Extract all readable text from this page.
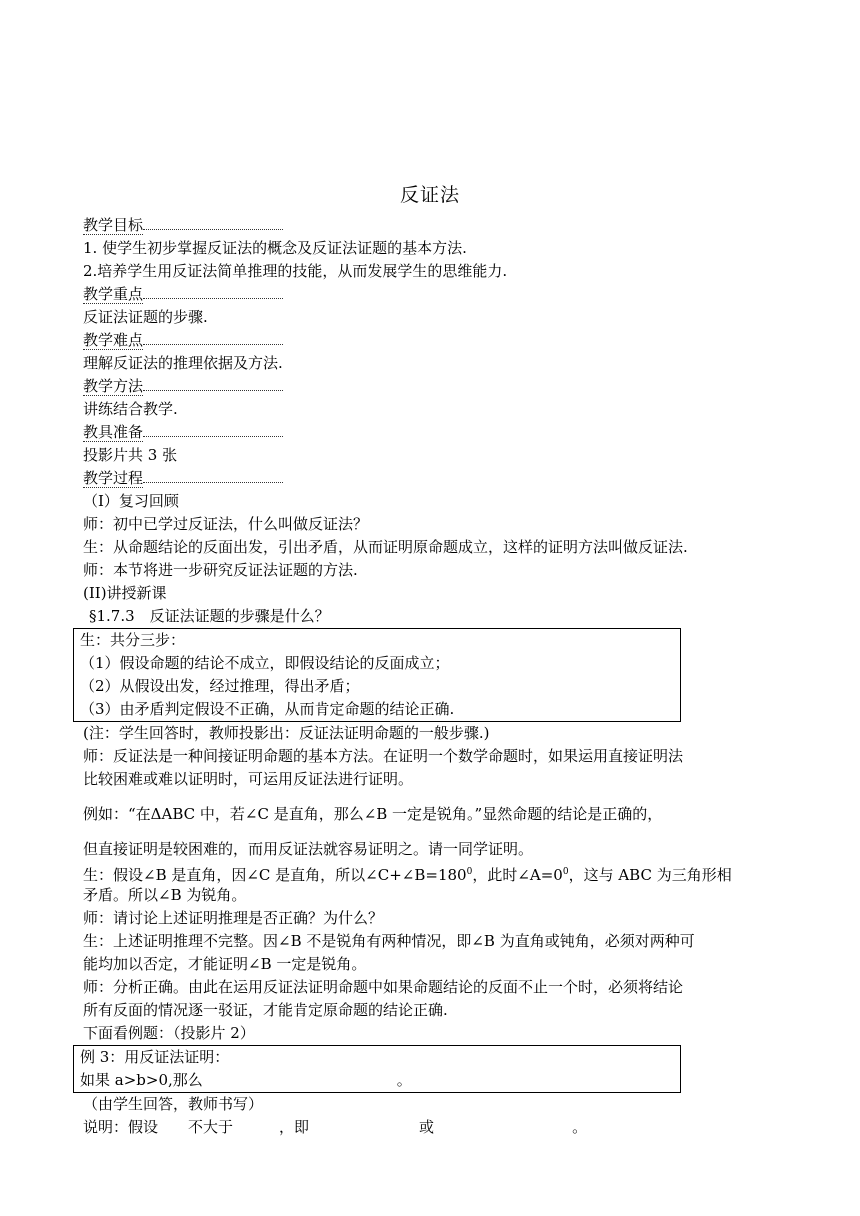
反证法
教学目标
1. 使学生初步掌握反证法的概念及反证法证题的基本方法.
2.培养学生用反证法简单推理的技能，从而发展学生的思维能力.
教学重点
反证法证题的步骤.
教学难点
理解反证法的推理依据及方法.
教学方法
讲练结合教学.
教具准备
投影片共 3 张
教学过程
（I）复习回顾
师：初中已学过反证法，什么叫做反证法？
生：从命题结论的反面出发，引出矛盾，从而证明原命题成立，这样的证明方法叫做反证法.
师：本节将进一步研究反证法证题的方法.
(II)讲授新课
§1.7.3　反证法证题的步骤是什么？
生：共分三步：
（1）假设命题的结论不成立，即假设结论的反面成立；
（2）从假设出发，经过推理，得出矛盾；
（3）由矛盾判定假设不正确，从而肯定命题的结论正确.
(注：学生回答时，教师投影出：反证法证明命题的一般步骤.)
师：反证法是一种间接证明命题的基本方法。在证明一个数学命题时，如果运用直接证明法
比较困难或难以证明时，可运用反证法进行证明。
例如：“在ΔABC 中，若∠C 是直角，那么∠B 一定是锐角。”显然命题的结论是正确的，
但直接证明是较困难的，而用反证法就容易证明之。请一同学证明。
生：假设∠B 是直角，因∠C 是直角，所以$\angle C+\angle B=180^0$，此时$\angle A=0^0$，这与 ABC 为三角形相
矛盾。所以∠B 为锐角。
师：请讨论上述证明推理是否正确？为什么？
生：上述证明推理不完整。因∠B 不是锐角有两种情况，即∠B 为直角或钝角，必须对两种可
能均加以否定，才能证明∠B 一定是锐角。
师：分析正确。由此在运用反证法证明命题中如果命题结论的反面不止一个时，必须将结论
所有反面的情况逐一驳证，才能肯定原命题的结论正确.
下面看例题：（投影片 2）
例 3：用反证法证明：
如果 a>b>0,那么	。
（由学生回答，教师书写）
说明：假设 不大于	，即	或	。
